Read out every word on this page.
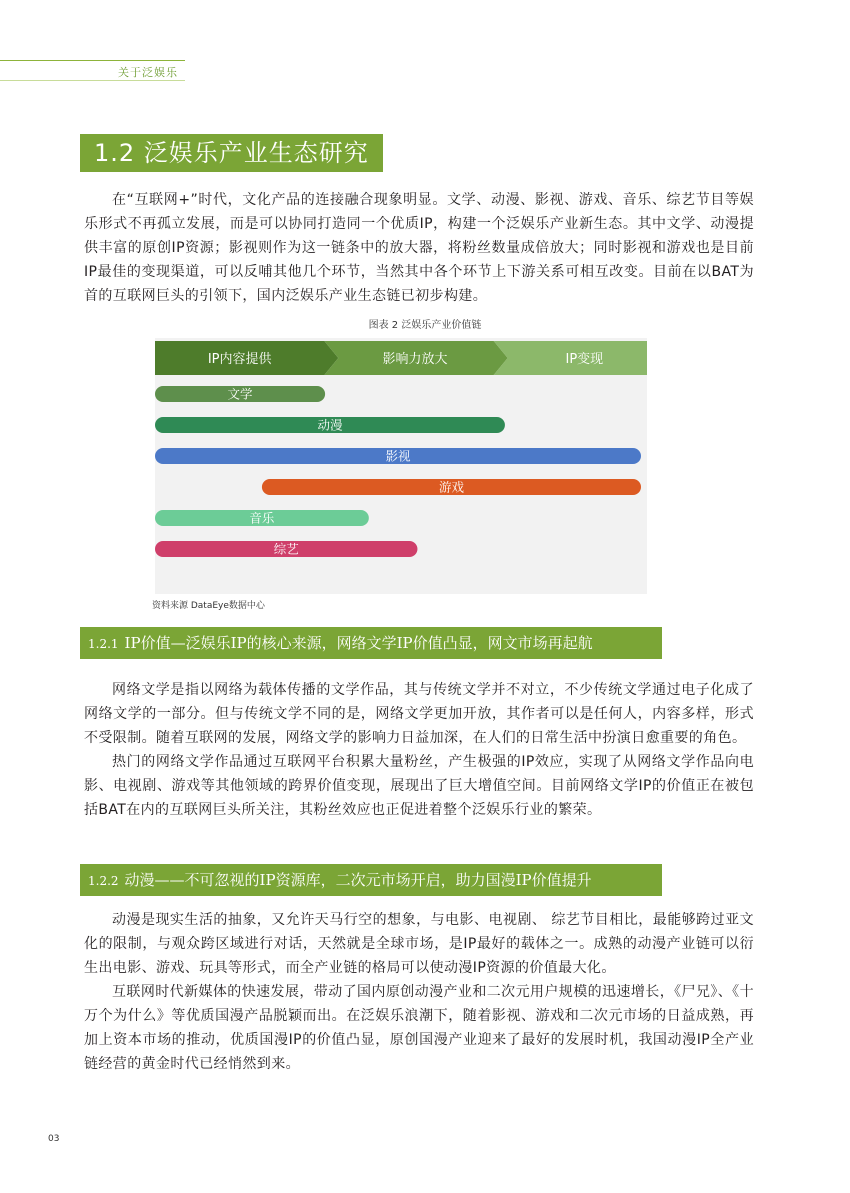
关于泛娱乐
1.2 泛娱乐产业生态研究

在“互联网+”时代，文化产品的连接融合现象明显。文学、动漫、影视、游戏、音乐、综艺节目等娱乐形式不再孤立发展，而是可以协同打造同一个优质IP，构建一个泛娱乐产业新生态。其中文学、动漫提供丰富的原创IP资源；影视则作为这一链条中的放大器，将粉丝数量成倍放大；同时影视和游戏也是目前IP最佳的变现渠道，可以反哺其他几个环节，当然其中各个环节上下游关系可相互改变。目前在以BAT为首的互联网巨头的引领下，国内泛娱乐产业生态链已初步构建。

图表 2 泛娱乐产业价值链
IP内容提供	影响力放大	IP变现
文学
动漫
影视
游戏
音乐
综艺
资料来源 DataEye数据中心
1.2.1 IP价值—泛娱乐IP的核心来源，网络文学IP价值凸显，网文市场再起航

网络文学是指以网络为载体传播的文学作品，其与传统文学并不对立，不少传统文学通过电子化成了网络文学的一部分。但与传统文学不同的是，网络文学更加开放，其作者可以是任何人，内容多样，形式不受限制。随着互联网的发展，网络文学的影响力日益加深，在人们的日常生活中扮演日愈重要的角色。

热门的网络文学作品通过互联网平台积累大量粉丝，产生极强的IP效应，实现了从网络文学作品向电影、电视剧、游戏等其他领域的跨界价值变现，展现出了巨大增值空间。目前网络文学IP的价值正在被包括BAT在内的互联网巨头所关注，其粉丝效应也正促进着整个泛娱乐行业的繁荣。

1.2.2 动漫——不可忽视的IP资源库，二次元市场开启，助力国漫IP价值提升

动漫是现实生活的抽象，又允许天马行空的想象，与电影、电视剧、 综艺节目相比，最能够跨过亚文化的限制，与观众跨区域进行对话，天然就是全球市场，是IP最好的载体之一。成熟的动漫产业链可以衍生出电影、游戏、玩具等形式，而全产业链的格局可以使动漫IP资源的价值最大化。

互联网时代新媒体的快速发展，带动了国内原创动漫产业和二次元用户规模的迅速增长，《尸兄》、《十万个为什么》等优质国漫产品脱颖而出。在泛娱乐浪潮下，随着影视、游戏和二次元市场的日益成熟，再加上资本市场的推动，优质国漫IP的价值凸显，原创国漫产业迎来了最好的发展时机，我国动漫IP全产业链经营的黄金时代已经悄然到来。

03
